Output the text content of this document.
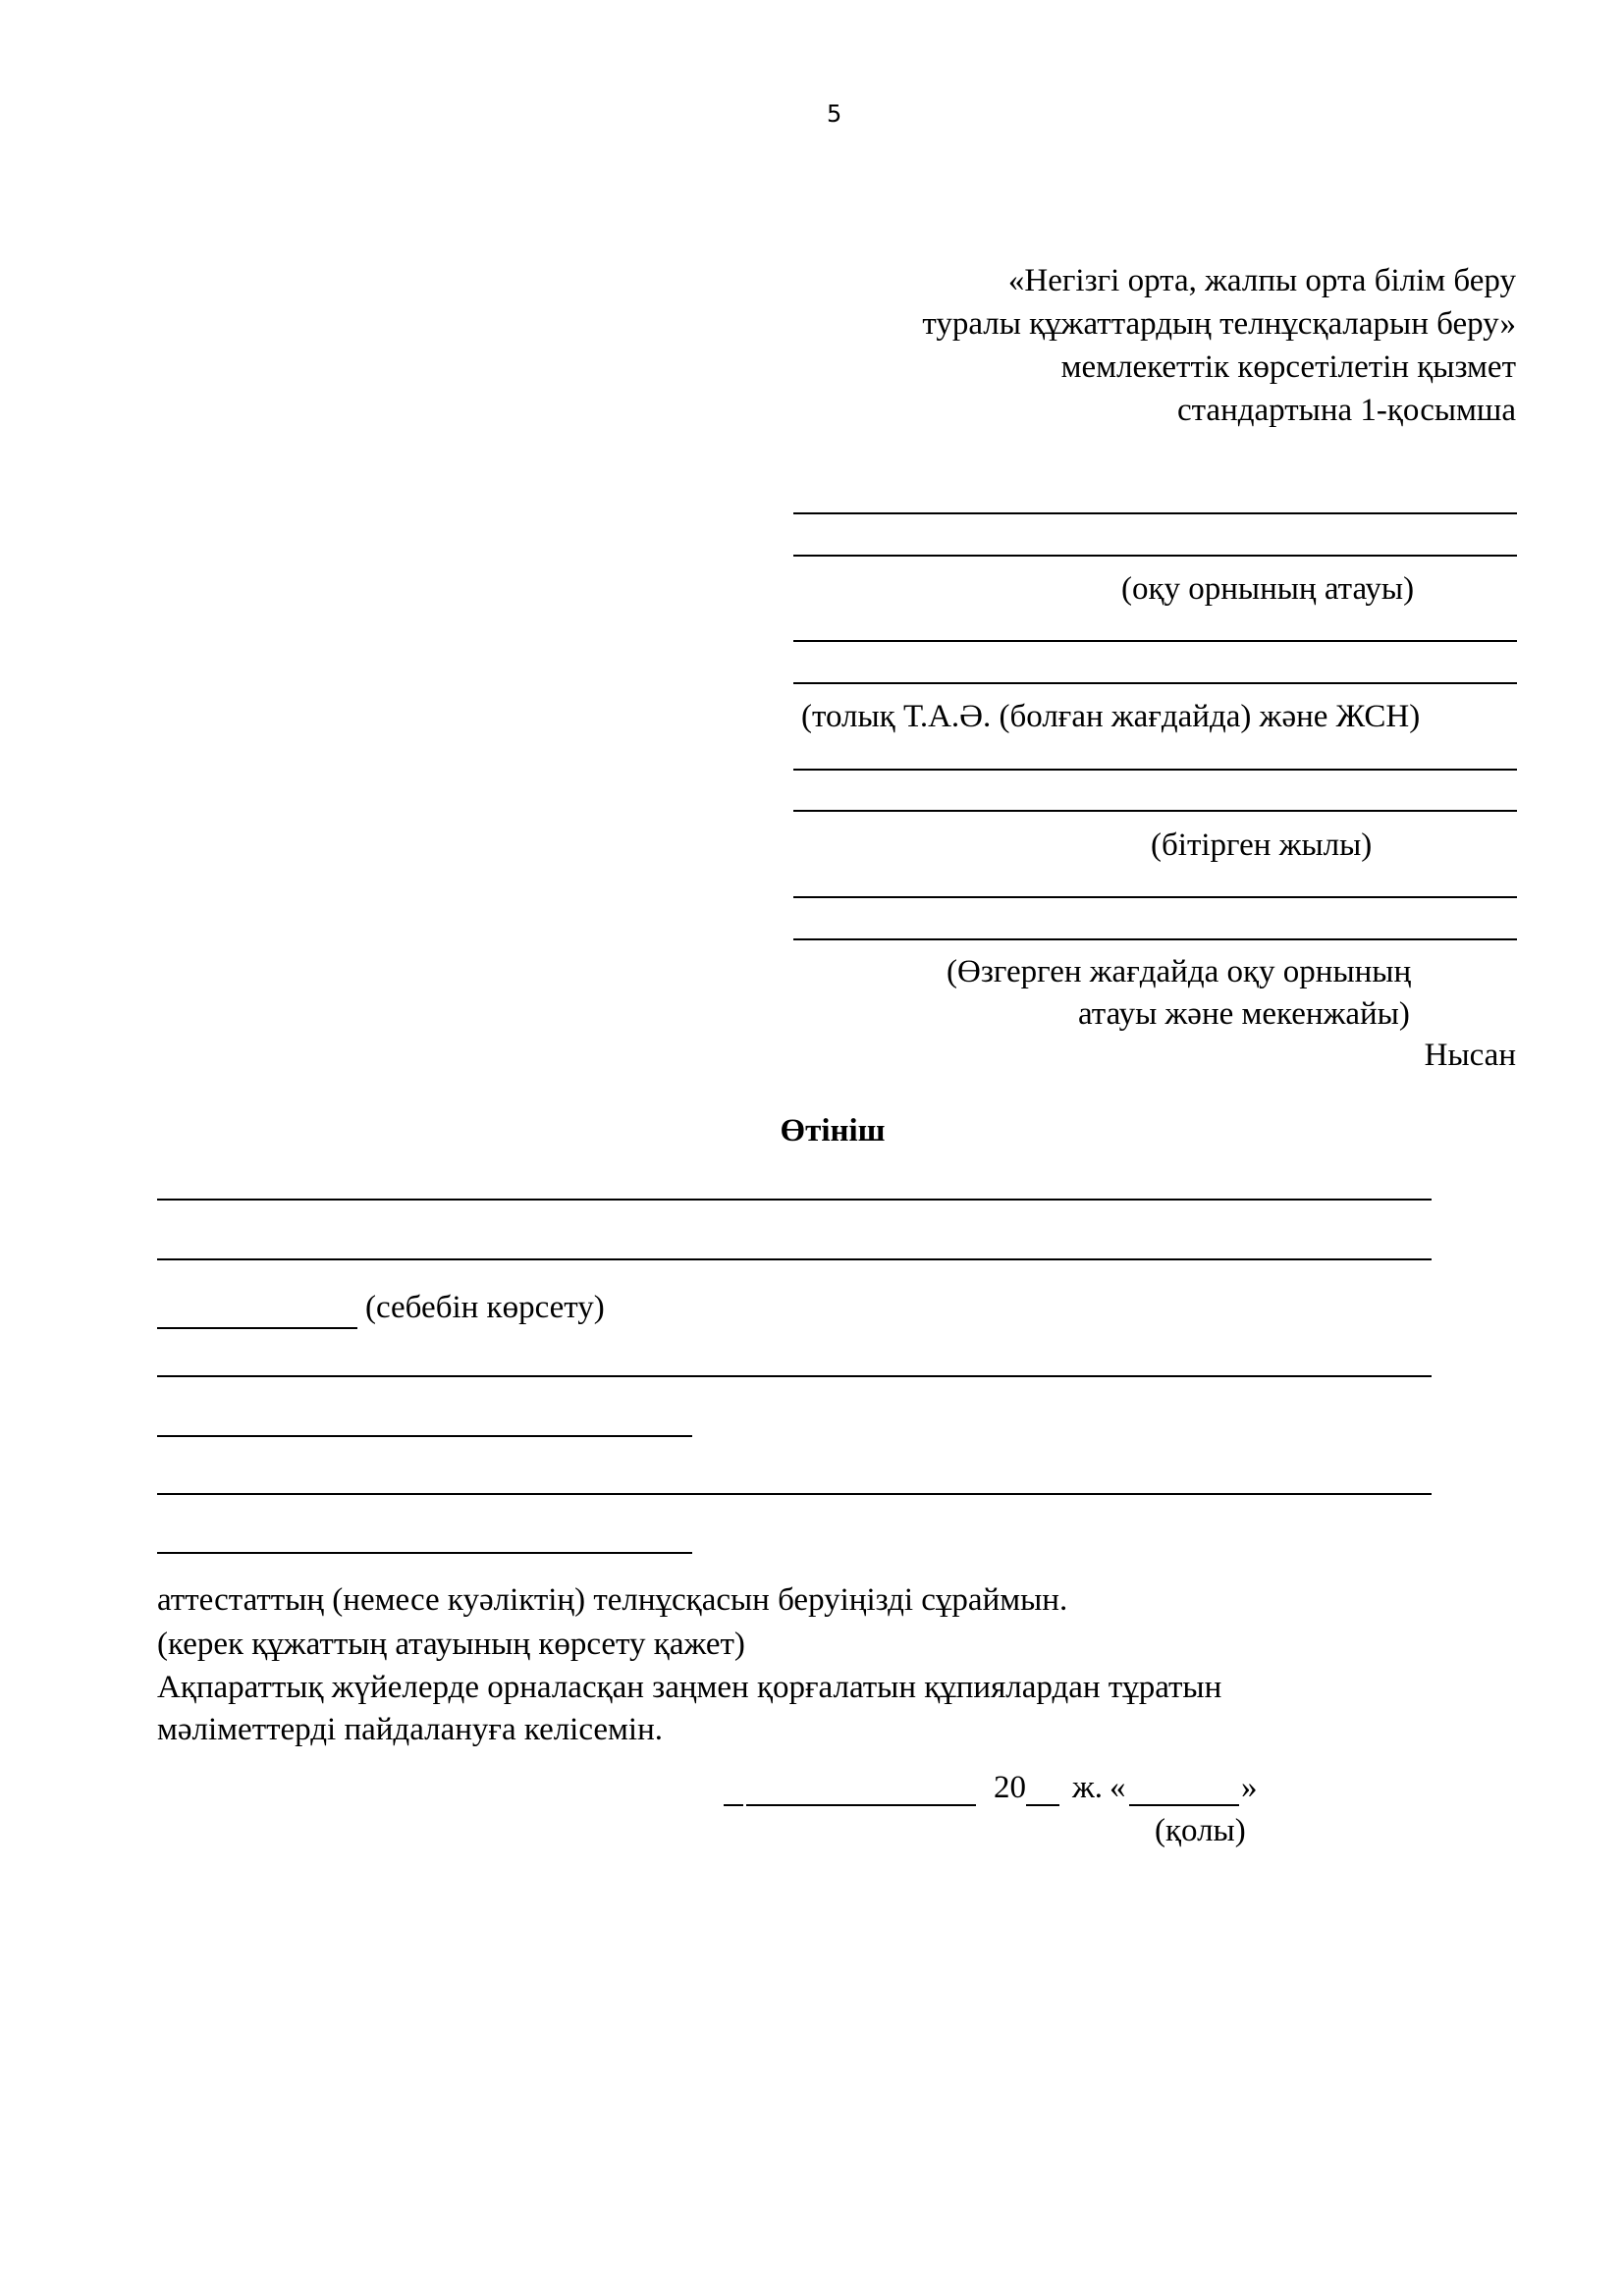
5
«Негізгі орта, жалпы орта білім беру
туралы құжаттардың телнұсқаларын беру»
мемлекеттік көрсетілетін қызмет
стандартына 1-қосымша
(оқу орнының атауы)
(толық Т.А.Ә. (болған жағдайда) және ЖСН)
(бітірген жылы)
(Өзгерген жағдайда оқу орнының
атауы және мекенжайы)
Нысан
Өтініш
(себебін көрсету)
аттестаттың (немесе куәліктің) телнұсқасын беруіңізді сұраймын.
(керек құжаттың атауының көрсету қажет)
Ақпараттық жүйелерде орналасқан заңмен қорғалатын құпиялардан тұратын
мәліметтерді пайдалануға келісемін.
20 ж. «	»
(қолы)
